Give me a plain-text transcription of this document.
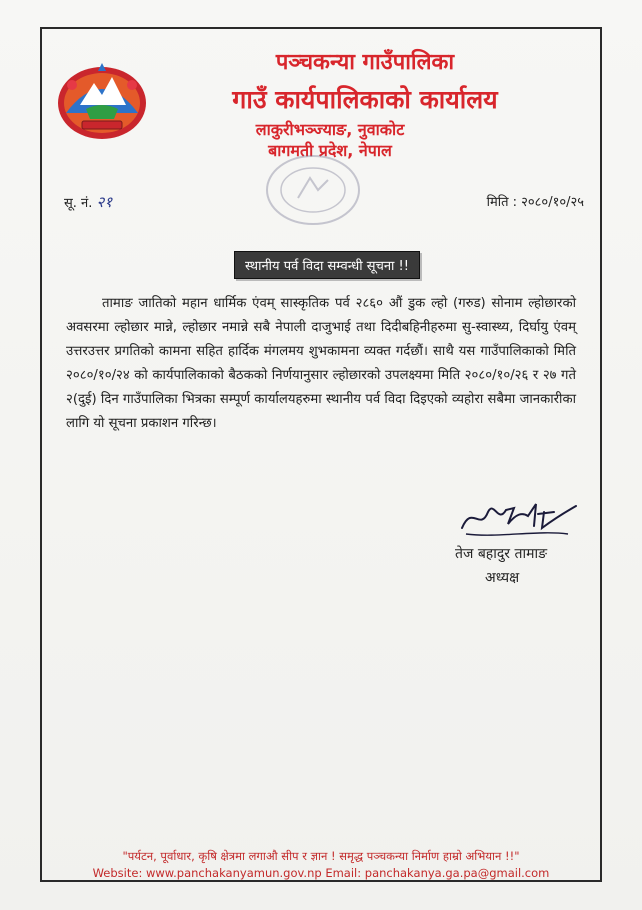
पञ्चकन्या गाउँपालिका
गाउँ कार्यपालिकाको कार्यालय
लाकुरीभञ्ज्याङ, नुवाकोट
बागमती प्रदेश, नेपाल
सू. नं. २१	मिति : २०८०/१०/२५
स्थानीय पर्व विदा सम्वन्धी सूचना !!
तामाङ जातिको महान धार्मिक एंवम् सास्कृतिक पर्व २८६० औं डुक ल्हो (गरुड) सोनाम ल्होछारको अवसरमा ल्होछार मान्ने, ल्होछार नमान्ने सबै नेपाली दाजुभाई तथा दिदीबहिनीहरुमा सु-स्वास्थ्य, दिर्घायु एंवम् उत्तरउत्तर प्रगतिको कामना सहित हार्दिक मंगलमय शुभकामना व्यक्त गर्दछौं। साथै यस गाउँपालिकाको मिति २०८०/१०/२४ को कार्यपालिकाको बैठकको निर्णयानुसार ल्होछारको उपलक्ष्यमा मिति २०८०/१०/२६ र २७ गते २(दुई) दिन गाउँपालिका भित्रका सम्पूर्ण कार्यालयहरुमा स्थानीय पर्व विदा दिइएको व्यहोरा सबैमा जानकारीका लागि यो सूचना प्रकाशन गरिन्छ।
तेज बहादुर तामाङ
अध्यक्ष
"पर्यटन, पूर्वाधार, कृषि क्षेत्रमा लगाऔ सीप र ज्ञान ! समृद्ध पञ्चकन्या निर्माण हाम्रो अभियान !!"
Website: www.panchakanyamun.gov.np Email: panchakanya.ga.pa@gmail.com
